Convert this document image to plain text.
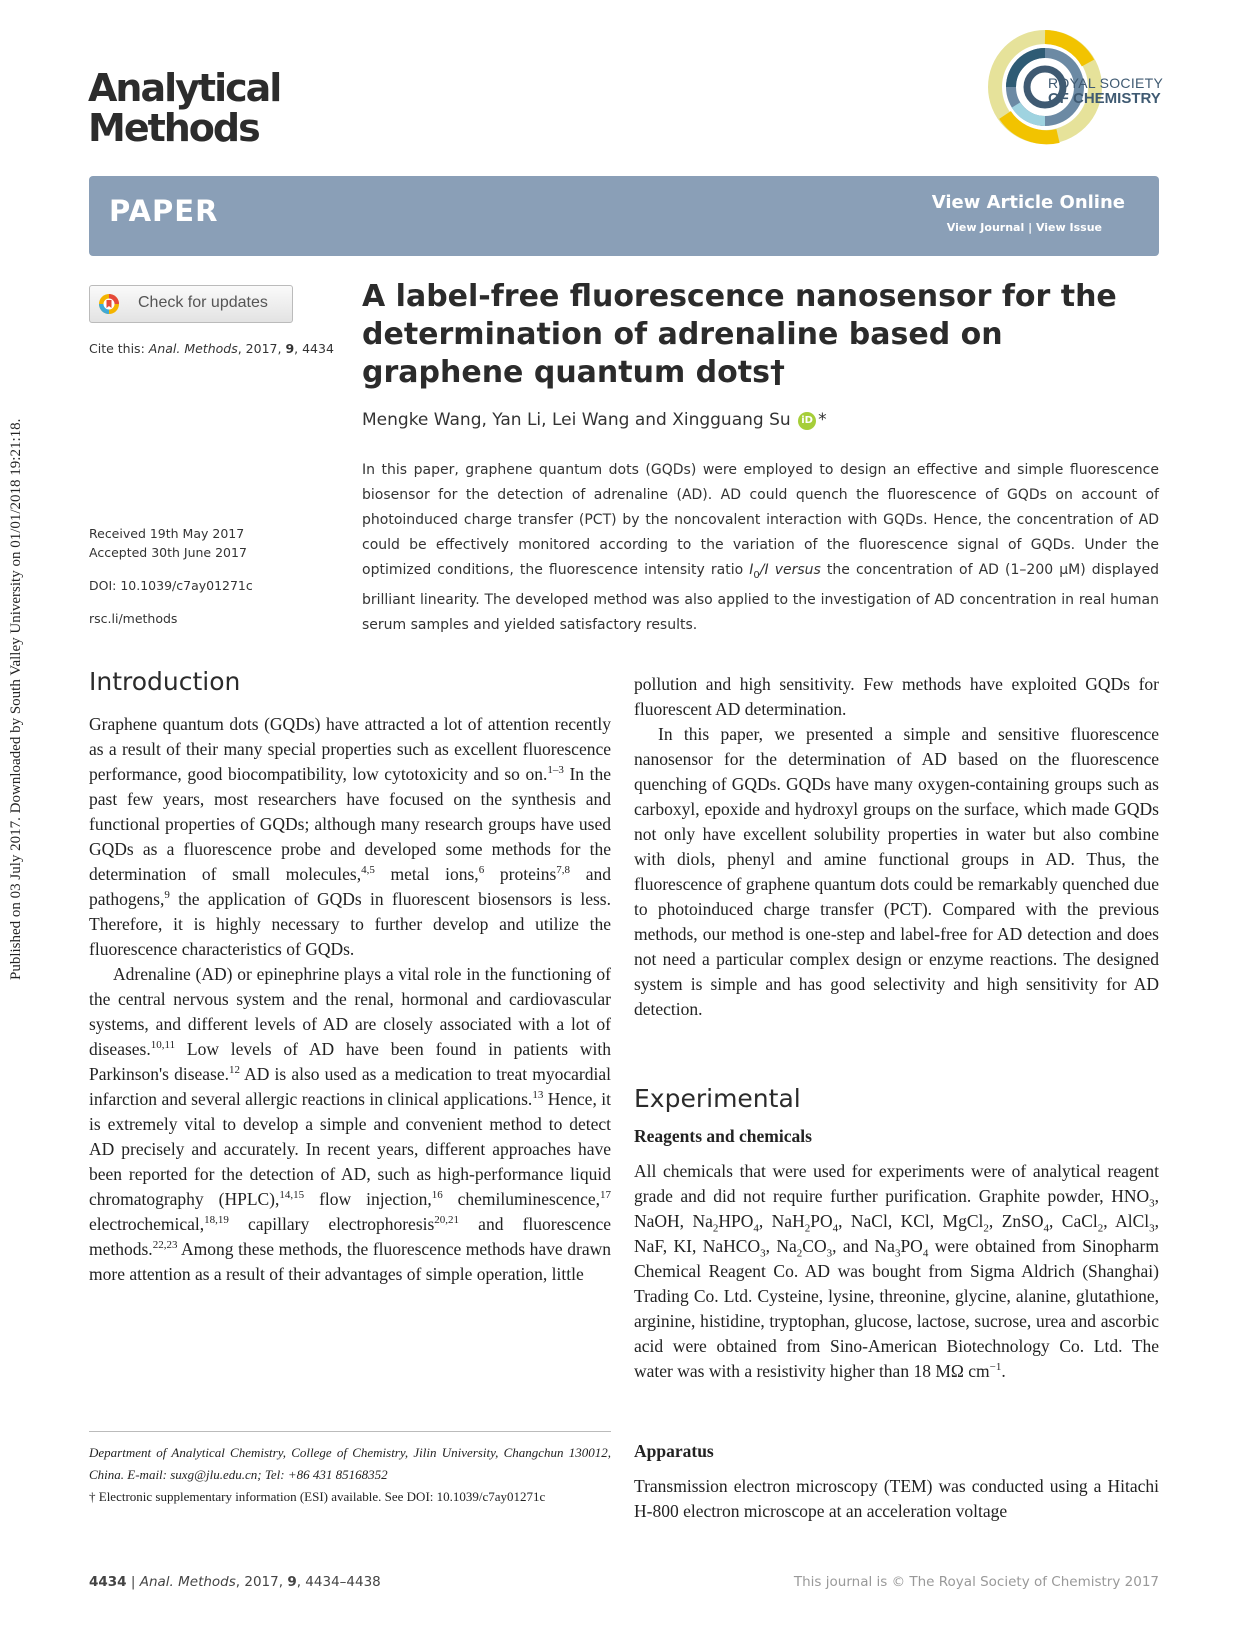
Published on 03 July 2017. Downloaded by South Valley University on 01/01/2018 19:21:18.
Analytical
Methods
ROYAL SOCIETY
OF CHEMISTRY
PAPER	View Article Online
View Journal | View Issue
Check for updates
Cite this: Anal. Methods, 2017, 9, 4434
Received 19th May 2017
Accepted 30th June 2017
DOI: 10.1039/c7ay01271c
rsc.li/methods
A label-free fluorescence nanosensor for the determination of adrenaline based on graphene quantum dots†
Mengke Wang, Yan Li, Lei Wang and Xingguang Su iD *
In this paper, graphene quantum dots (GQDs) were employed to design an effective and simple fluorescence biosensor for the detection of adrenaline (AD). AD could quench the fluorescence of GQDs on account of photoinduced charge transfer (PCT) by the noncovalent interaction with GQDs. Hence, the concentration of AD could be effectively monitored according to the variation of the fluorescence signal of GQDs. Under the optimized conditions, the fluorescence intensity ratio $I_0/I$ versus the concentration of AD (1–200 μM) displayed brilliant linearity. The developed method was also applied to the investigation of AD concentration in real human serum samples and yielded satisfactory results.
Introduction

Graphene quantum dots (GQDs) have attracted a lot of attention recently as a result of their many special properties such as excellent fluorescence performance, good biocompatibility, low cytotoxicity and so on.$^{1-3}$ In the past few years, most researchers have focused on the synthesis and functional properties of GQDs; although many research groups have used GQDs as a fluorescence probe and developed some methods for the determination of small molecules,$^{4,5}$ metal ions,$^6$ proteins$^{7,8}$ and pathogens,$^9$ the application of GQDs in fluorescent biosensors is less. Therefore, it is highly necessary to further develop and utilize the fluorescence characteristics of GQDs.

Adrenaline (AD) or epinephrine plays a vital role in the functioning of the central nervous system and the renal, hormonal and cardiovascular systems, and different levels of AD are closely associated with a lot of diseases.$^{10,11}$ Low levels of AD have been found in patients with Parkinson's disease.$^{12}$ AD is also used as a medication to treat myocardial infarction and several allergic reactions in clinical applications.$^{13}$ Hence, it is extremely vital to develop a simple and convenient method to detect AD precisely and accurately. In recent years, different approaches have been reported for the detection of AD, such as high-performance liquid chromatography (HPLC),$^{14,15}$ flow injection,$^{16}$ chemiluminescence,$^{17}$ electrochemical,$^{18,19}$ capillary electrophoresis$^{20,21}$ and fluorescence methods.$^{22,23}$ Among these methods, the fluorescence methods have drawn more attention as a result of their advantages of simple operation, little

pollution and high sensitivity. Few methods have exploited GQDs for fluorescent AD determination.

In this paper, we presented a simple and sensitive fluorescence nanosensor for the determination of AD based on the fluorescence quenching of GQDs. GQDs have many oxygen-containing groups such as carboxyl, epoxide and hydroxyl groups on the surface, which made GQDs not only have excellent solubility properties in water but also combine with diols, phenyl and amine functional groups in AD. Thus, the fluorescence of graphene quantum dots could be remarkably quenched due to photoinduced charge transfer (PCT). Compared with the previous methods, our method is one-step and label-free for AD detection and does not need a particular complex design or enzyme reactions. The designed system is simple and has good selectivity and high sensitivity for AD detection.

Experimental
Reagents and chemicals

All chemicals that were used for experiments were of analytical reagent grade and did not require further purification. Graphite powder, $HNO_3$, NaOH, $Na_2HPO_4$, $NaH_2PO_4$, NaCl, KCl, MgCl$_2$, ZnSO$_4$, CaCl$_2$, AlCl$_3$, NaF, KI, NaHCO$_3$, $Na_2CO_3$, and $Na_3PO_4$ were obtained from Sinopharm Chemical Reagent Co. AD was bought from Sigma Aldrich (Shanghai) Trading Co. Ltd. Cysteine, lysine, threonine, glycine, alanine, glutathione, arginine, histidine, tryptophan, glucose, lactose, sucrose, urea and ascorbic acid were obtained from Sino-American Biotechnology Co. Ltd. The water was with a resistivity higher than 18 MΩ $cm^{-1}$.

Apparatus
Transmission electron microscopy (TEM) was conducted using a Hitachi H-800 electron microscope at an acceleration voltage
Department of Analytical Chemistry, College of Chemistry, Jilin University, Changchun 130012, China. E-mail: suxg@jlu.edu.cn; Tel: +86 431 85168352
† Electronic supplementary information (ESI) available. See DOI: 10.1039/c7ay01271c
4434 | Anal. Methods, 2017, 9, 4434–4438	This journal is © The Royal Society of Chemistry 2017
